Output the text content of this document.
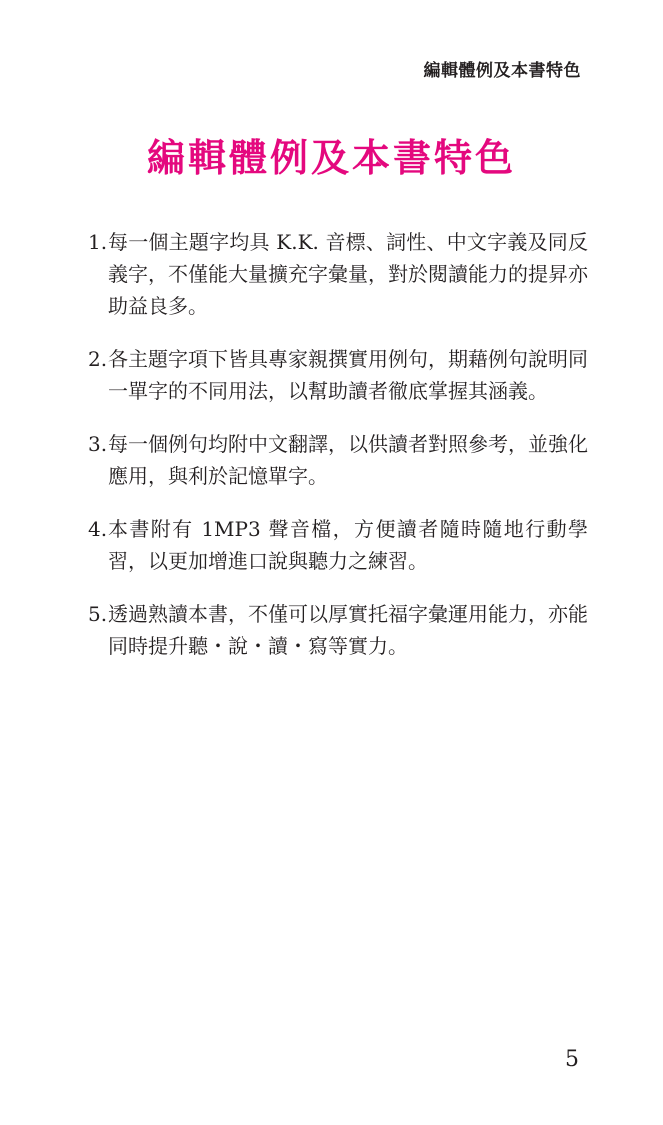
編輯體例及本書特色
編輯體例及本書特色
1. 每一個主題字均具 K.K. 音標、詞性、中文字義及同反義字，不僅能大量擴充字彙量，對於閱讀能力的提昇亦助益良多。
2. 各主題字項下皆具專家親撰實用例句，期藉例句說明同一單字的不同用法，以幫助讀者徹底掌握其涵義。
3. 每一個例句均附中文翻譯，以供讀者對照參考，並強化應用，與利於記憶單字。
4. 本書附有 1MP3 聲音檔，方便讀者隨時隨地行動學習，以更加增進口說與聽力之練習。
5. 透過熟讀本書，不僅可以厚實托福字彙運用能力，亦能同時提升聽・說・讀・寫等實力。
5
